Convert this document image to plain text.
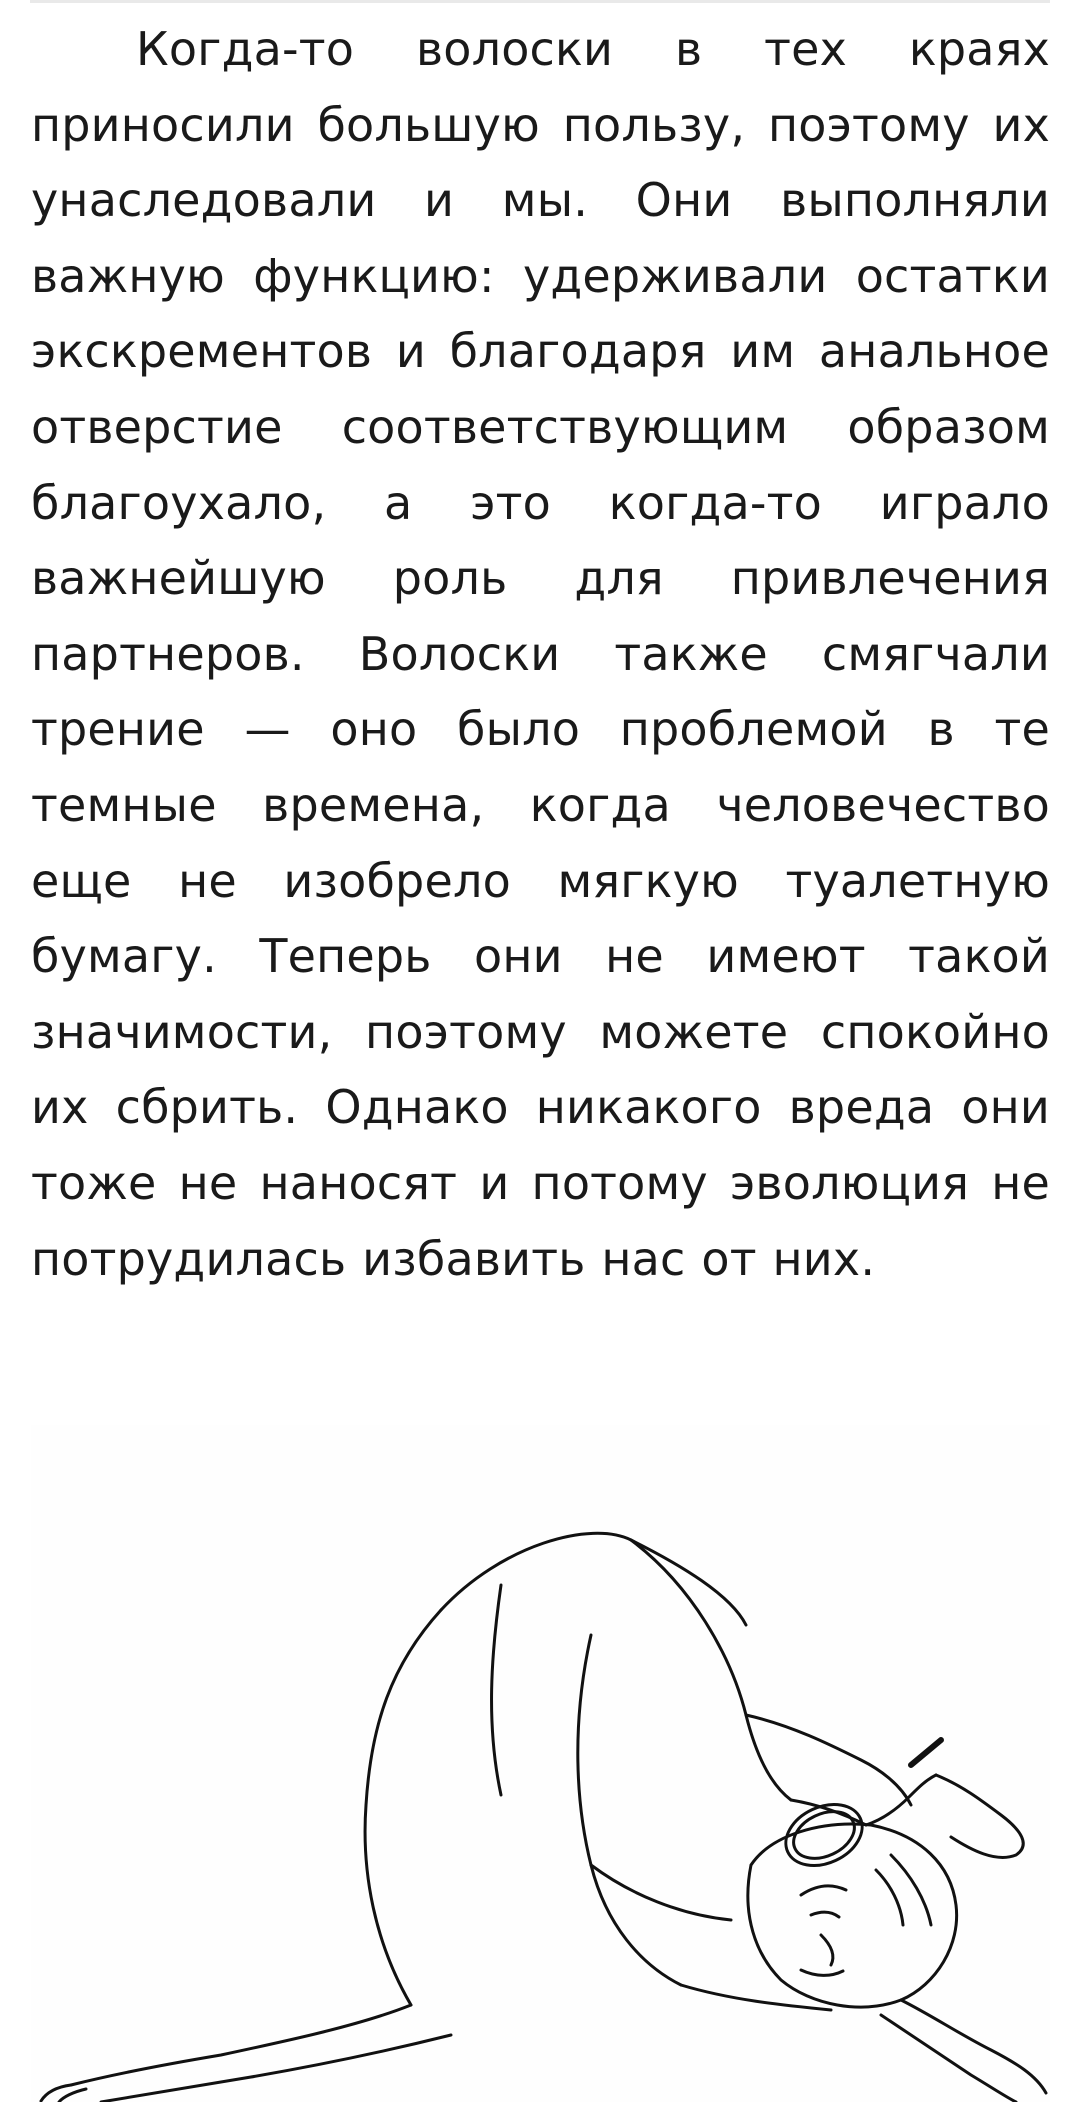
Когда-то волоски в тех краях приносили большую пользу, поэтому их унаследовали и мы. Они выполняли важную функцию: удерживали остатки экскрементов и благодаря им анальное отверстие соответствующим образом благоухало, а это когда-то играло важнейшую роль для привлечения партнеров. Волоски также смягчали трение — оно было проблемой в те темные времена, когда человечество еще не изобрело мягкую туалетную бумагу. Теперь они не имеют такой значимости, поэтому можете спокойно их сбрить. Однако никакого вреда они тоже не наносят и потому эволюция не потрудилась избавить нас от них.
